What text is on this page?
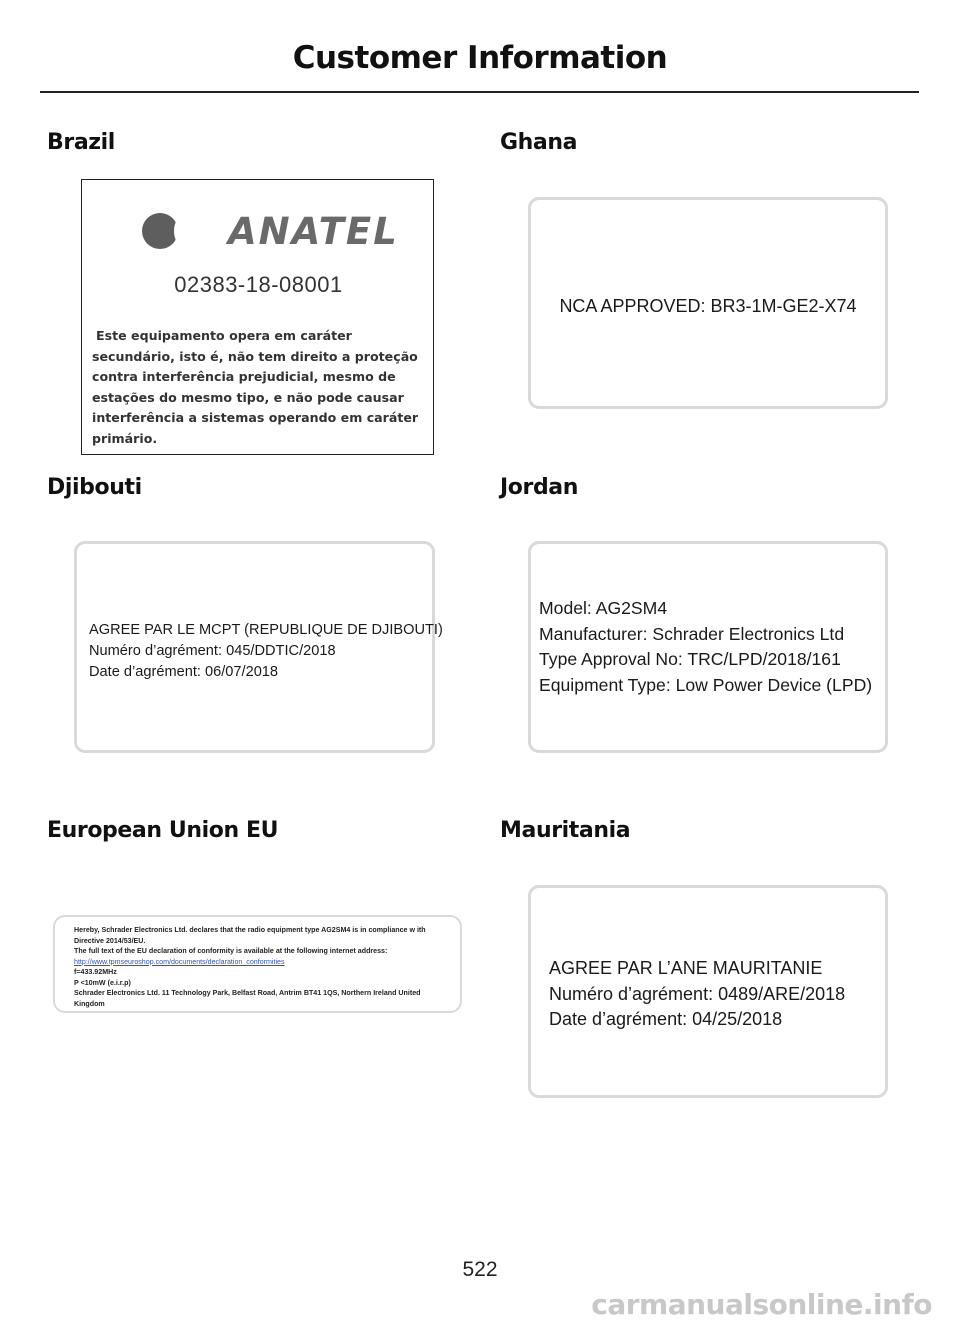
Customer Information
Brazil
ANATEL
02383-18-08001
Este equipamento opera em caráter
secundário, isto é, não tem direito a proteção
contra interferência prejudicial, mesmo de
estações do mesmo tipo, e não pode causar
interferência a sistemas operando em caráter
primário.
Ghana
NCA APPROVED: BR3-1M-GE2-X74
Djibouti
AGREE PAR LE MCPT (REPUBLIQUE DE DJIBOUTI)
Numéro d’agrément: 045/DDTIC/2018
Date d’agrément: 06/07/2018
Jordan
Model: AG2SM4
Manufacturer: Schrader Electronics Ltd
Type Approval No: TRC/LPD/2018/161
Equipment Type: Low Power Device (LPD)
European Union EU
Hereby, Schrader Electronics Ltd. declares that the radio equipment type AG2SM4 is in compliance w ith
Directive 2014/53/EU.
The full text of the EU declaration of conformity is available at the following internet address:
http://www.tpmseuroshop.com/documents/declaration_conformities
f=433.92MHz
P <10mW (e.i.r.p)
Schrader Electronics Ltd. 11 Technology Park, Belfast Road, Antrim BT41 1QS, Northern Ireland United
Kingdom
Mauritania
AGREE PAR L’ANE MAURITANIE
Numéro d’agrément: 0489/ARE/2018
Date d’agrément: 04/25/2018
522
carmanualsonline.info
